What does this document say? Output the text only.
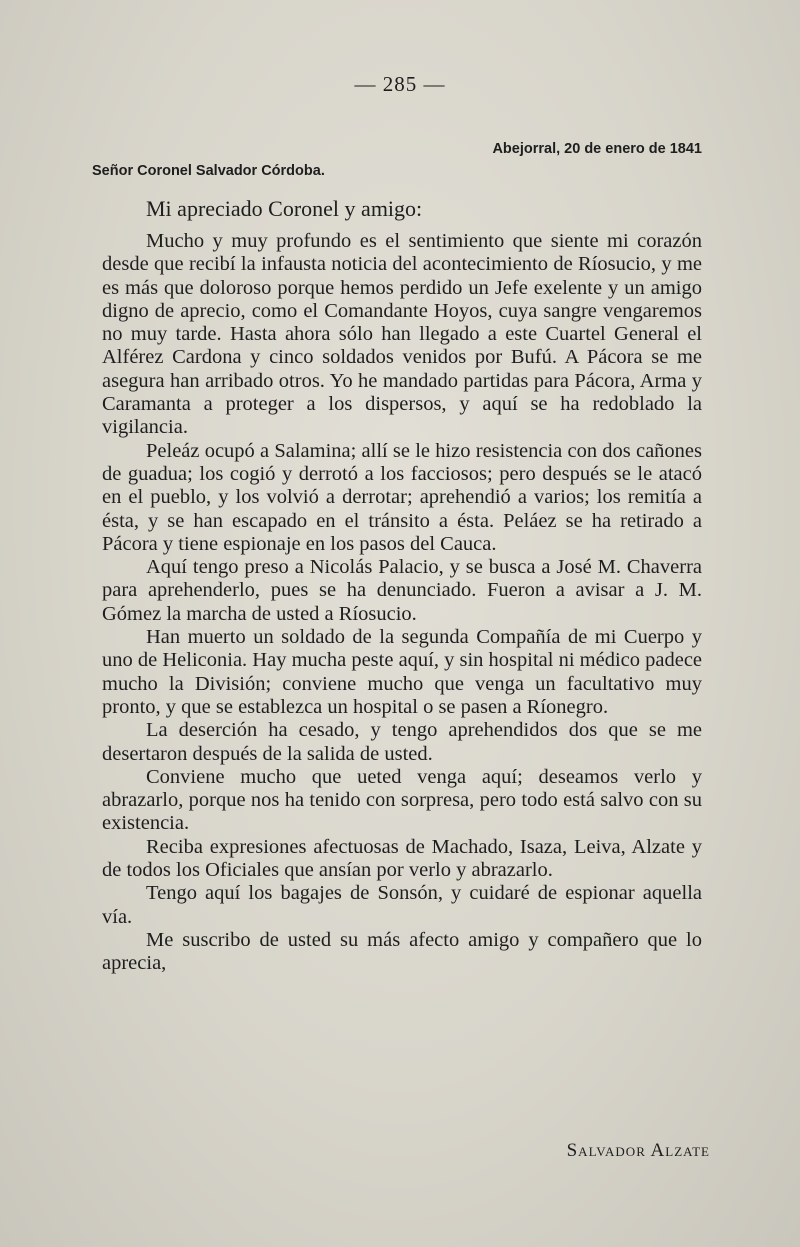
— 285 —
Abejorral, 20 de enero de 1841
Señor Coronel Salvador Córdoba.
Mi apreciado Coronel y amigo:

Mucho y muy profundo es el sentimiento que siente mi corazón desde que recibí la infausta noticia del acontecimiento de Ríosucio, y me es más que doloroso porque hemos perdido un Jefe exelente y un amigo digno de aprecio, como el Comandante Hoyos, cuya sangre vengaremos no muy tarde. Hasta ahora sólo han llegado a este Cuartel General el Alférez Cardona y cinco soldados venidos por Bufú. A Pácora se me asegura han arribado otros. Yo he mandado partidas para Pácora, Arma y Caramanta a proteger a los dispersos, y aquí se ha redoblado la vigilancia.

Peleáz ocupó a Salamina; allí se le hizo resistencia con dos cañones de guadua; los cogió y derrotó a los facciosos; pero después se le atacó en el pueblo, y los volvió a derrotar; aprehendió a varios; los remitía a ésta, y se han escapado en el tránsito a ésta. Peláez se ha retirado a Pácora y tiene espionaje en los pasos del Cauca.

Aquí tengo preso a Nicolás Palacio, y se busca a José M. Chaverra para aprehenderlo, pues se ha denunciado. Fueron a avisar a J. M. Gómez la marcha de usted a Ríosucio.

Han muerto un soldado de la segunda Compañía de mi Cuerpo y uno de Heliconia. Hay mucha peste aquí, y sin hospital ni médico padece mucho la División; conviene mucho que venga un facultativo muy pronto, y que se establezca un hospital o se pasen a Ríonegro.

La deserción ha cesado, y tengo aprehendidos dos que se me desertaron después de la salida de usted.

Conviene mucho que ueted venga aquí; deseamos verlo y abrazarlo, porque nos ha tenido con sorpresa, pero todo está salvo con su existencia.

Reciba expresiones afectuosas de Machado, Isaza, Leiva, Alzate y de todos los Oficiales que ansían por verlo y abrazarlo.

Tengo aquí los bagajes de Sonsón, y cuidaré de espionar aquella vía.

Me suscribo de usted su más afecto amigo y compañero que lo aprecia,

Salvador Alzate
